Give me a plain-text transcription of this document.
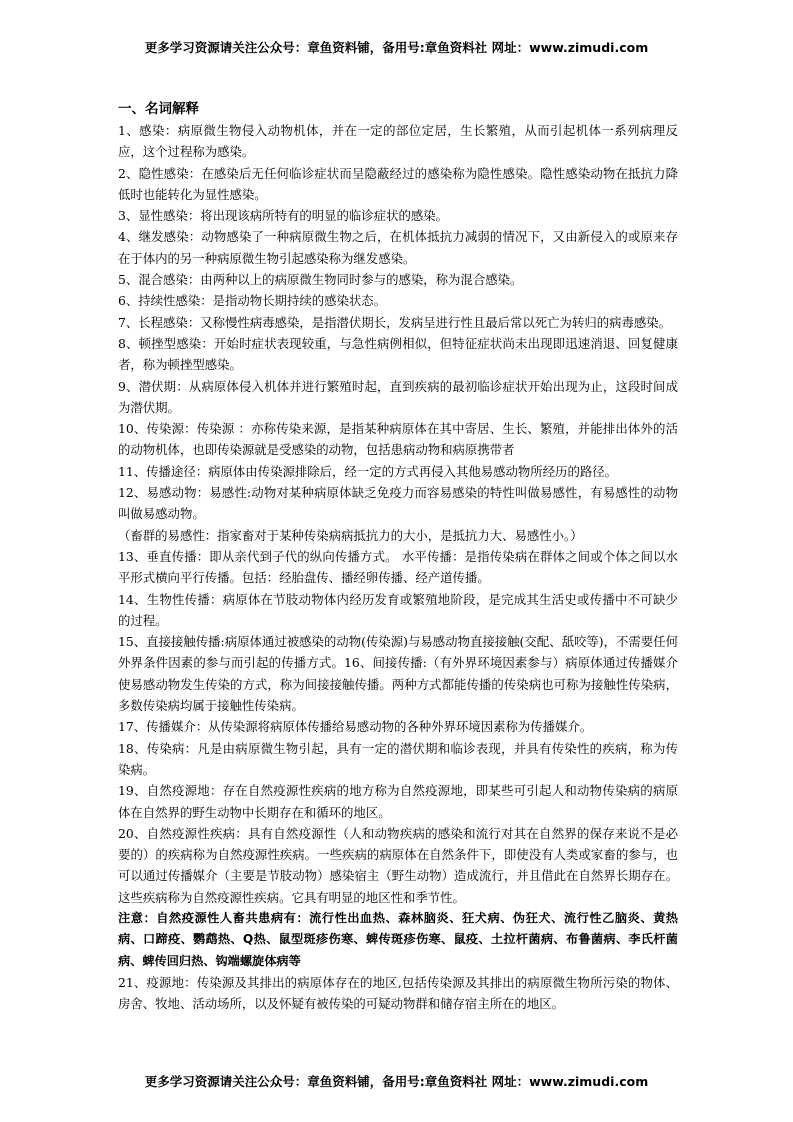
更多学习资源请关注公众号：章鱼资料铺，备用号:章鱼资料社 网址：www.zimudi.com
一、名词解释

1、感染：病原微生物侵入动物机体，并在一定的部位定居，生长繁殖，从而引起机体一系列病理反应，这个过程称为感染。

2、隐性感染：在感染后无任何临诊症状而呈隐蔽经过的感染称为隐性感染。隐性感染动物在抵抗力降低时也能转化为显性感染。

3、显性感染：将出现该病所特有的明显的临诊症状的感染。

4、继发感染：动物感染了一种病原微生物之后，在机体抵抗力减弱的情况下，又由新侵入的或原来存在于体内的另一种病原微生物引起感染称为继发感染。

5、混合感染：由两种以上的病原微生物同时参与的感染，称为混合感染。

6、持续性感染：是指动物长期持续的感染状态。

7、长程感染：又称慢性病毒感染，是指潜伏期长，发病呈进行性且最后常以死亡为转归的病毒感染。

8、顿挫型感染：开始时症状表现较重，与急性病例相似，但特征症状尚未出现即迅速消退、回复健康者，称为顿挫型感染。

9、潜伏期：从病原体侵入机体并进行繁殖时起，直到疾病的最初临诊症状开始出现为止，这段时间成为潜伏期。

10、传染源：传染源 ：亦称传染来源，是指某种病原体在其中寄居、生长、繁殖，并能排出体外的活的动物机体，也即传染源就是受感染的动物，包括患病动物和病原携带者

11、传播途径：病原体由传染源排除后，经一定的方式再侵入其他易感动物所经历的路径。

12、易感动物：易感性:动物对某种病原体缺乏免疫力而容易感染的特性叫做易感性，有易感性的动物叫做易感动物。

（畜群的易感性：指家畜对于某种传染病病抵抗力的大小，是抵抗力大、易感性小。）

13、垂直传播：即从亲代到子代的纵向传播方式。 水平传播：是指传染病在群体之间或个体之间以水平形式横向平行传播。包括：经胎盘传、播经卵传播、经产道传播。

14、生物性传播：病原体在节肢动物体内经历发育或繁殖地阶段，是完成其生活史或传播中不可缺少的过程。

15、直接接触传播:病原体通过被感染的动物(传染源)与易感动物直接接触(交配、舐咬等)，不需要任何外界条件因素的参与而引起的传播方式。16、间接传播:（有外界环境因素参与）病原体通过传播媒介使易感动物发生传染的方式，称为间接接触传播。两种方式都能传播的传染病也可称为接触性传染病，多数传染病均属于接触性传染病。

17、传播媒介：从传染源将病原体传播给易感动物的各种外界环境因素称为传播媒介。

18、传染病：凡是由病原微生物引起，具有一定的潜伏期和临诊表现，并具有传染性的疾病，称为传染病。

19、自然疫源地：存在自然疫源性疾病的地方称为自然疫源地，即某些可引起人和动物传染病的病原体在自然界的野生动物中长期存在和循环的地区。

20、自然疫源性疾病：具有自然疫源性（人和动物疾病的感染和流行对其在自然界的保存来说不是必要的）的疾病称为自然疫源性疾病。一些疾病的病原体在自然条件下，即使没有人类或家畜的参与，也可以通过传播媒介（主要是节肢动物）感染宿主（野生动物）造成流行，并且借此在自然界长期存在。这些疾病称为自然疫源性疾病。它具有明显的地区性和季节性。

注意：自然疫源性人畜共患病有：流行性出血热、森林脑炎、狂犬病、伪狂犬、流行性乙脑炎、黄热病、口蹄疫、鹦鹉热、Q热、鼠型斑疹伤寒、蜱传斑疹伤寒、鼠疫、土拉杆菌病、布鲁菌病、李氏杆菌病、蜱传回归热、钩端螺旋体病等

21、疫源地：传染源及其排出的病原体存在的地区,包括传染源及其排出的病原微生物所污染的物体、房舍、牧地、活动场所，以及怀疑有被传染的可疑动物群和储存宿主所在的地区。

更多学习资源请关注公众号：章鱼资料铺，备用号:章鱼资料社 网址：www.zimudi.com
